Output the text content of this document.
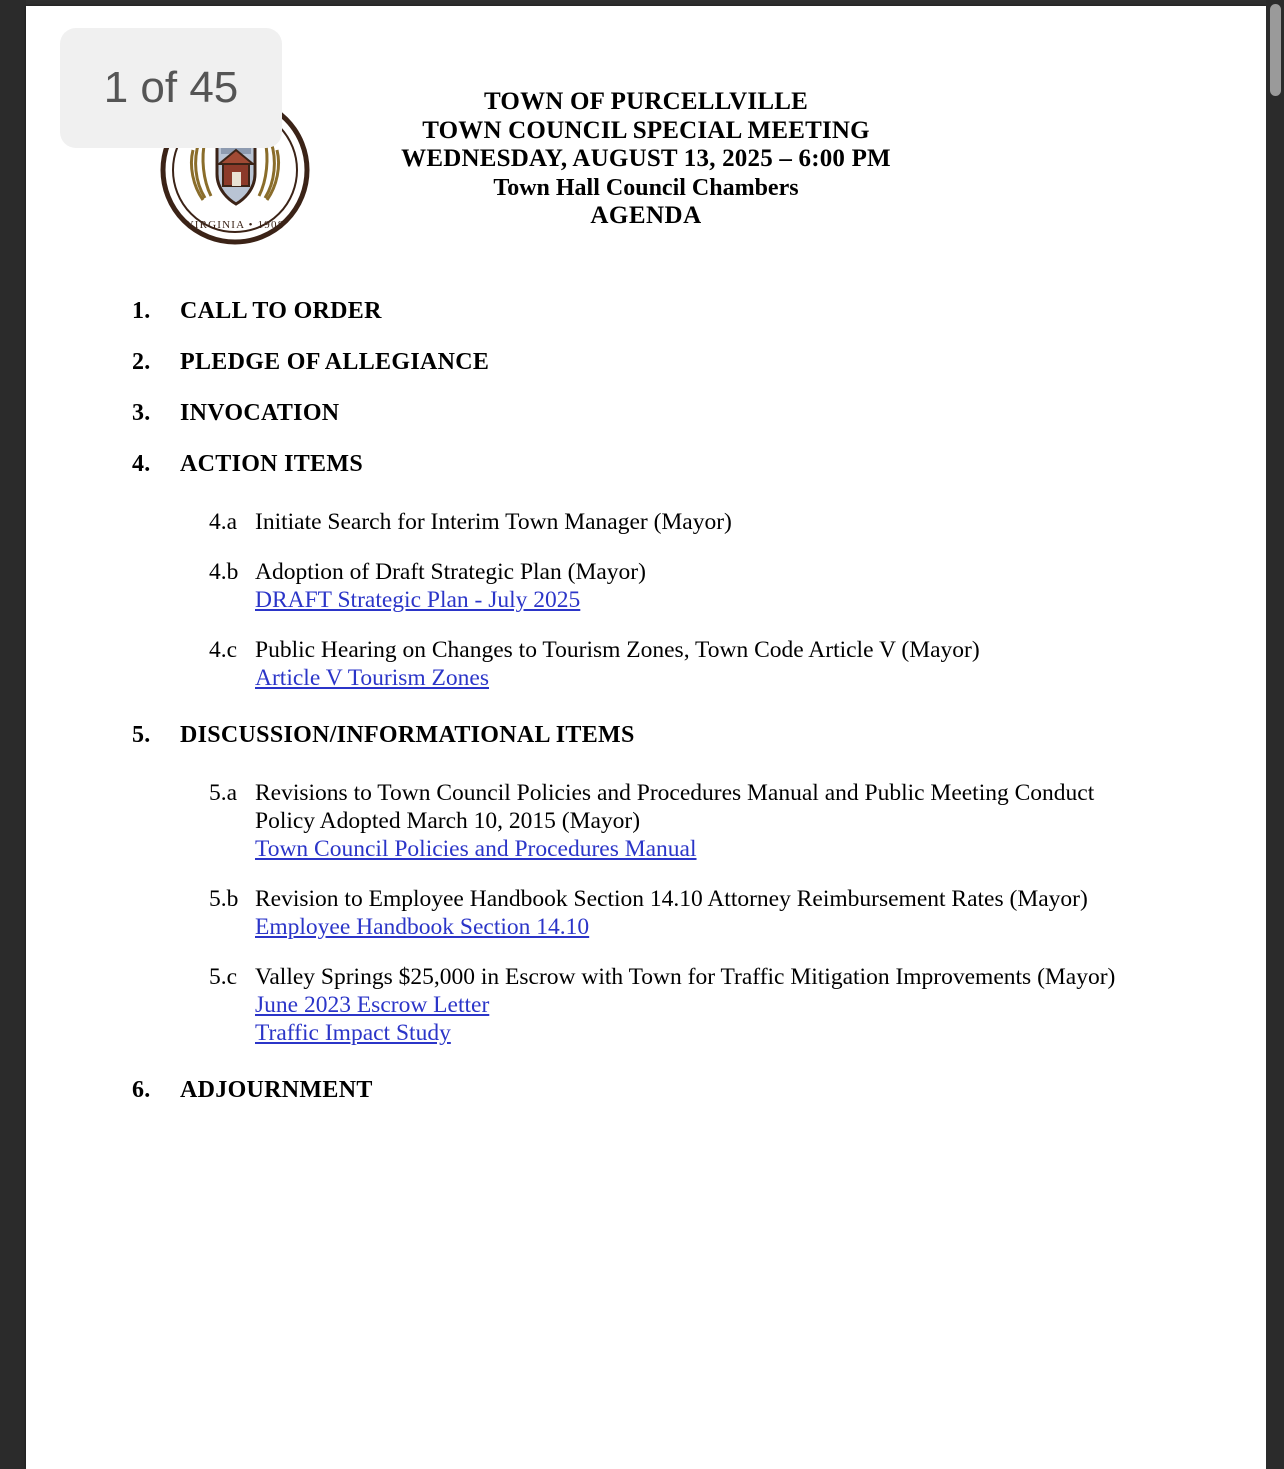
VIRGINIA • 1908
TOWN OF PURCELLVILLE
TOWN COUNCIL SPECIAL MEETING
WEDNESDAY, AUGUST 13, 2025 – 6:00 PM
Town Hall Council Chambers
AGENDA
1.	CALL TO ORDER
2.	PLEDGE OF ALLEGIANCE
3.	INVOCATION
4.	ACTION ITEMS
4.a Initiate Search for Interim Town Manager (Mayor)
4.b Adoption of Draft Strategic Plan (Mayor)
DRAFT Strategic Plan - July 2025
4.c Public Hearing on Changes to Tourism Zones, Town Code Article V (Mayor)
Article V Tourism Zones
5.	DISCUSSION/INFORMATIONAL ITEMS
5.a Revisions to Town Council Policies and Procedures Manual and Public Meeting Conduct Policy Adopted March 10, 2015 (Mayor)
Town Council Policies and Procedures Manual
5.b Revision to Employee Handbook Section 14.10 Attorney Reimbursement Rates (Mayor)
Employee Handbook Section 14.10
5.c Valley Springs $25,000 in Escrow with Town for Traffic Mitigation Improvements (Mayor)
June 2023 Escrow Letter
Traffic Impact Study
6.	ADJOURNMENT
1 of 45
